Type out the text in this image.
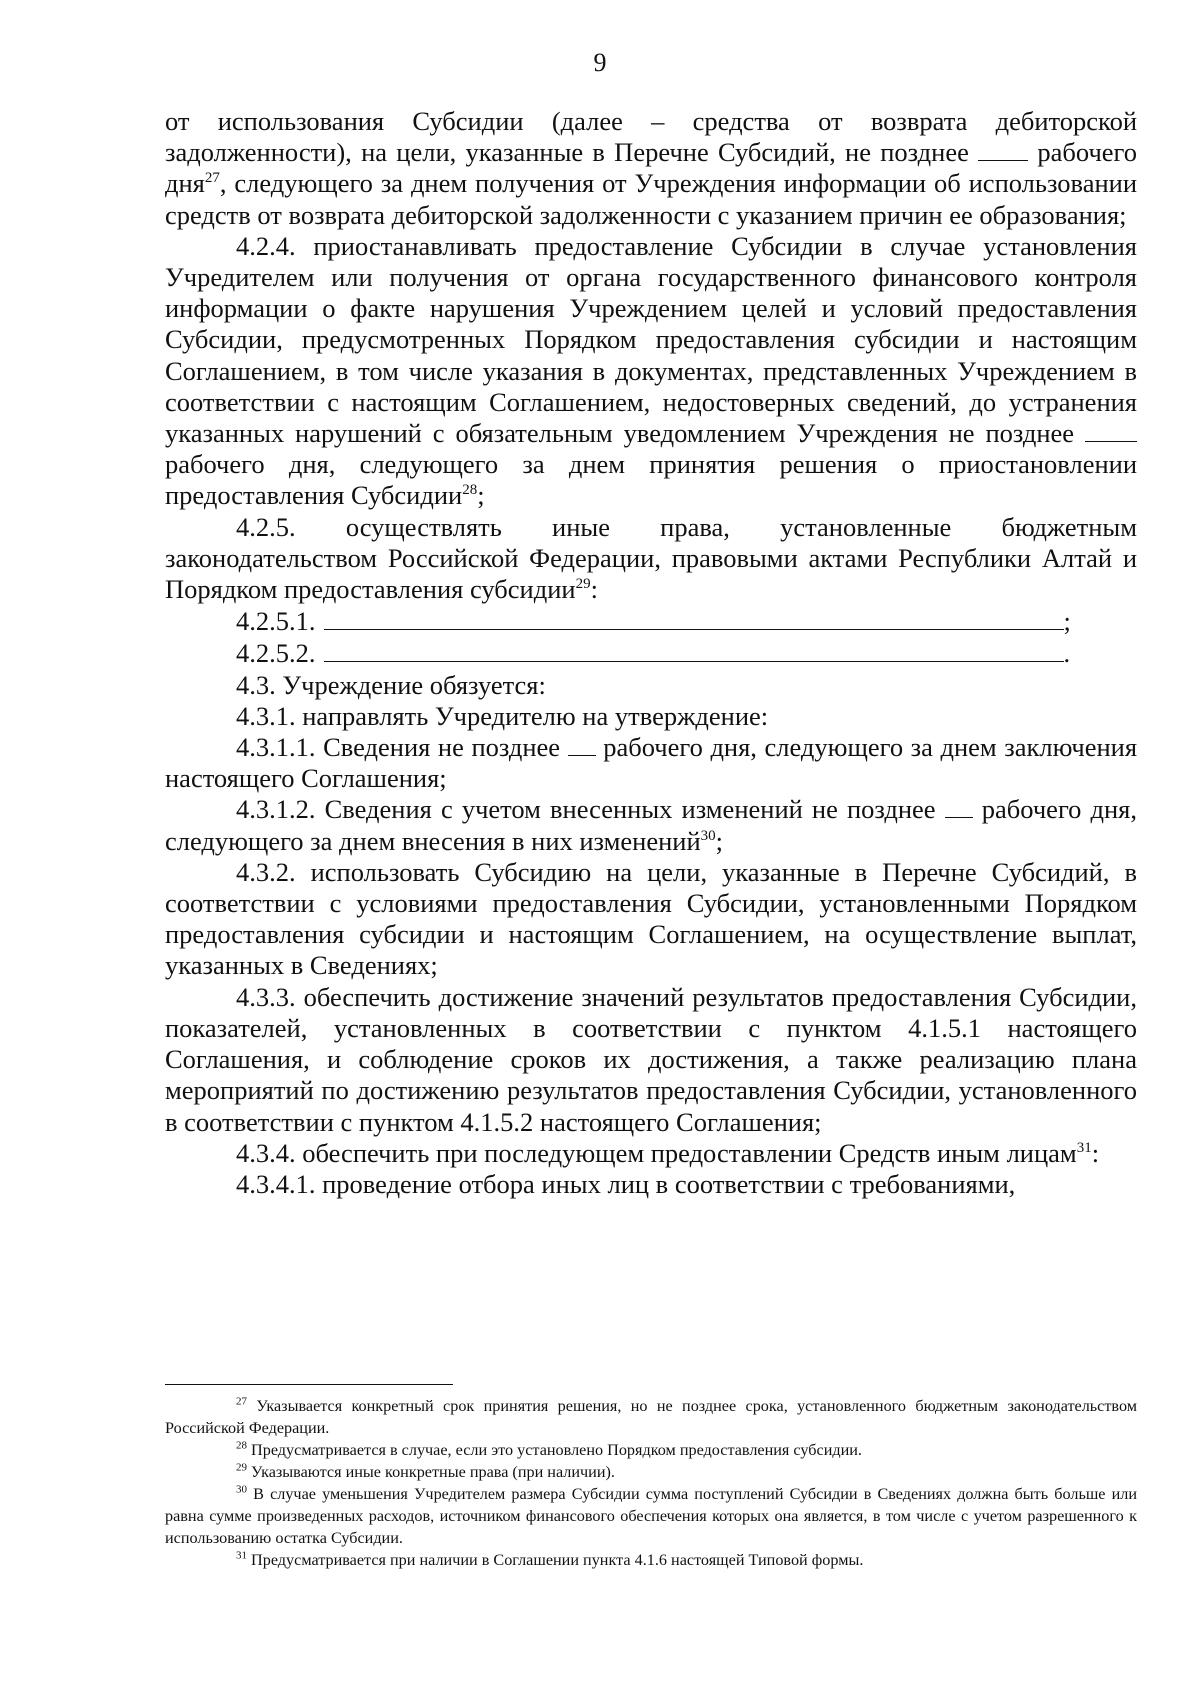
9

от использования Субсидии (далее – средства от возврата дебиторской задолженности), на цели, указанные в Перечне Субсидий, не позднее	рабочего дня$^{27}$, следующего за днем получения от Учреждения информации об использовании средств от возврата дебиторской задолженности с указанием причин ее образования;

4.2.4. приостанавливать предоставление Субсидии в случае установления Учредителем или получения от органа государственного финансового контроля информации о факте нарушения Учреждением целей и условий предоставления Субсидии, предусмотренных Порядком предоставления субсидии и настоящим Соглашением, в том числе указания в документах, представленных Учреждением в соответствии с настоящим Соглашением, недостоверных сведений, до устранения указанных нарушений с обязательным уведомлением Учреждения не позднее  рабочего дня, следующего за днем принятия решения о приостановлении предоставления Субсидии$^{28}$;

4.2.5. осуществлять иные права, установленные бюджетным законодательством Российской Федерации, правовыми актами Республики Алтай и Порядком предоставления субсидии$^{29}$:

4.2.5.1.	;
4.2.5.2.	.

4.3. Учреждение обязуется:

4.3.1. направлять Учредителю на утверждение:

4.3.1.1. Сведения не позднее рабочего дня, следующего за днем заключения настоящего Соглашения;

4.3.1.2. Сведения с учетом внесенных изменений не позднее рабочего дня, следующего за днем внесения в них изменений$^{30}$;

4.3.2. использовать Субсидию на цели, указанные в Перечне Субсидий, в соответствии с условиями предоставления Субсидии, установленными Порядком предоставления субсидии и настоящим Соглашением, на осуществление выплат, указанных в Сведениях;

4.3.3. обеспечить достижение значений результатов предоставления Субсидии, показателей, установленных в соответствии с пунктом 4.1.5.1 настоящего Соглашения, и соблюдение сроков их достижения, а также реализацию плана мероприятий по достижению результатов предоставления Субсидии, установленного в соответствии с пунктом 4.1.5.2 настоящего Соглашения;

4.3.4. обеспечить при последующем предоставлении Средств иным лицам$^{31}$:

4.3.4.1. проведение отбора иных лиц в соответствии с требованиями,

$^{27}$ Указывается конкретный срок принятия решения, но не позднее срока, установленного бюджетным законодательством Российской Федерации.

$^{28}$ Предусматривается в случае, если это установлено Порядком предоставления субсидии.

$^{29}$ Указываются иные конкретные права (при наличии).

$^{30}$ В случае уменьшения Учредителем размера Субсидии сумма поступлений Субсидии в Сведениях должна быть больше или равна сумме произведенных расходов, источником финансового обеспечения которых она является, в том числе с учетом разрешенного к использованию остатка Субсидии.

$^{31}$ Предусматривается при наличии в Соглашении пункта 4.1.6 настоящей Типовой формы.
